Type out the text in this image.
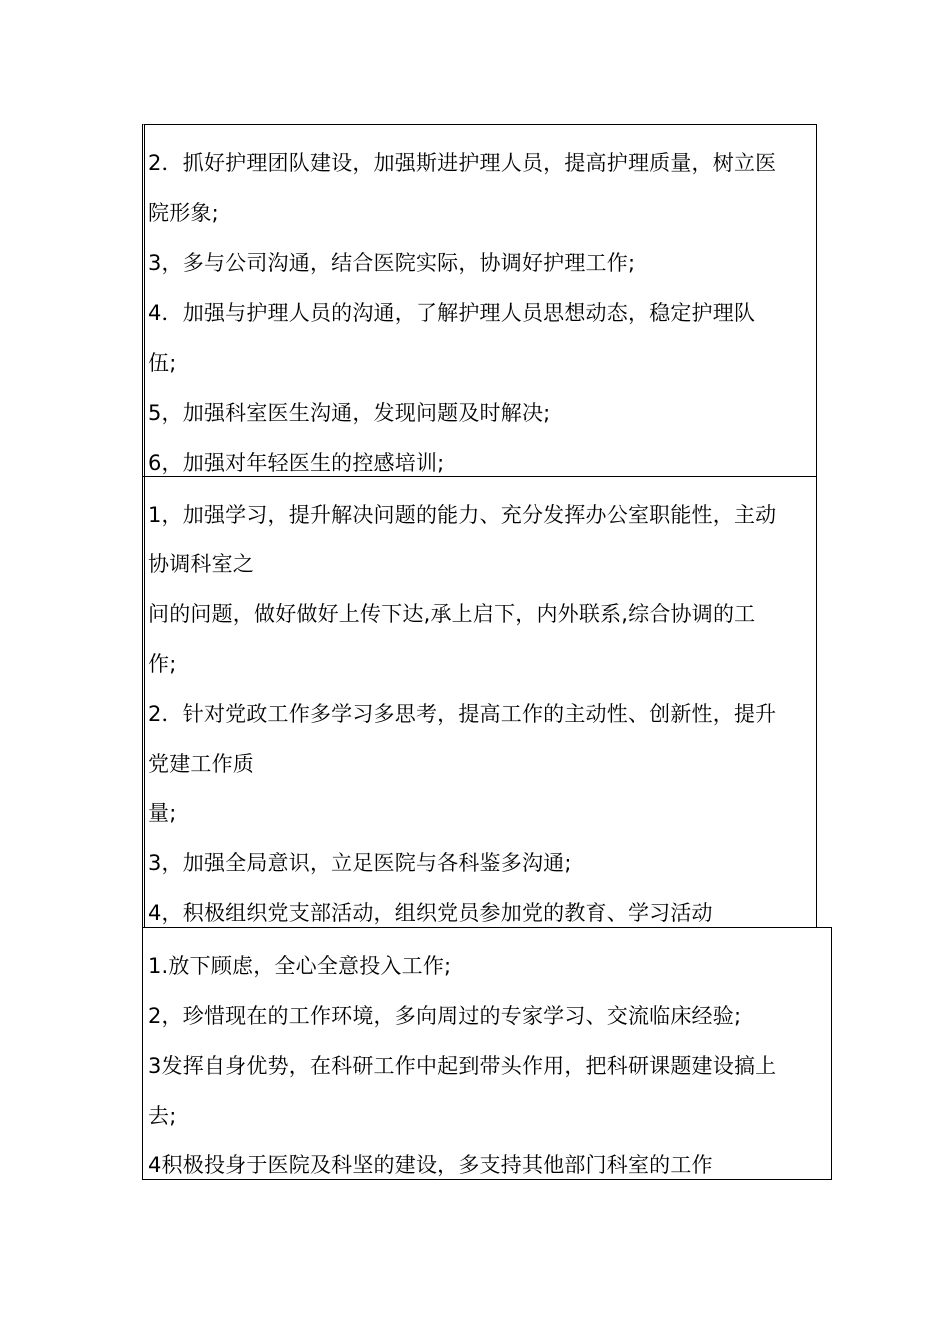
2．抓好护理团队建设，加强斯进护理人员，提高护理质量，树立医
院形象;
3，多与公司沟通，结合医院实际，协调好护理工作;
4．加强与护理人员的沟通，了解护理人员思想动态，稳定护理队
伍;
5，加强科室医生沟通，发现问题及时解决;
6，加强对年轻医生的控感培训;
1，加强学习，提升解决问题的能力、充分发挥办公室职能性，主动
协调科室之
问的问题，做好做好上传下达,承上启下，内外联系,综合协调的工
作;
2．针对党政工作多学习多思考，提高工作的主动性、创新性，提升
党建工作质
量;
3，加强全局意识，立足医院与各科鉴多沟通;
4，积极组织党支部活动，组织党员参加党的教育、学习活动
1.放下顾虑，全心全意投入工作;
2，珍惜现在的工作环境，多向周过的专家学习、交流临床经验;
3发挥自身优势，在科研工作中起到带头作用，把科研课题建设搞上
去;
4积极投身于医院及科坚的建设，多支持其他部门科室的工作
